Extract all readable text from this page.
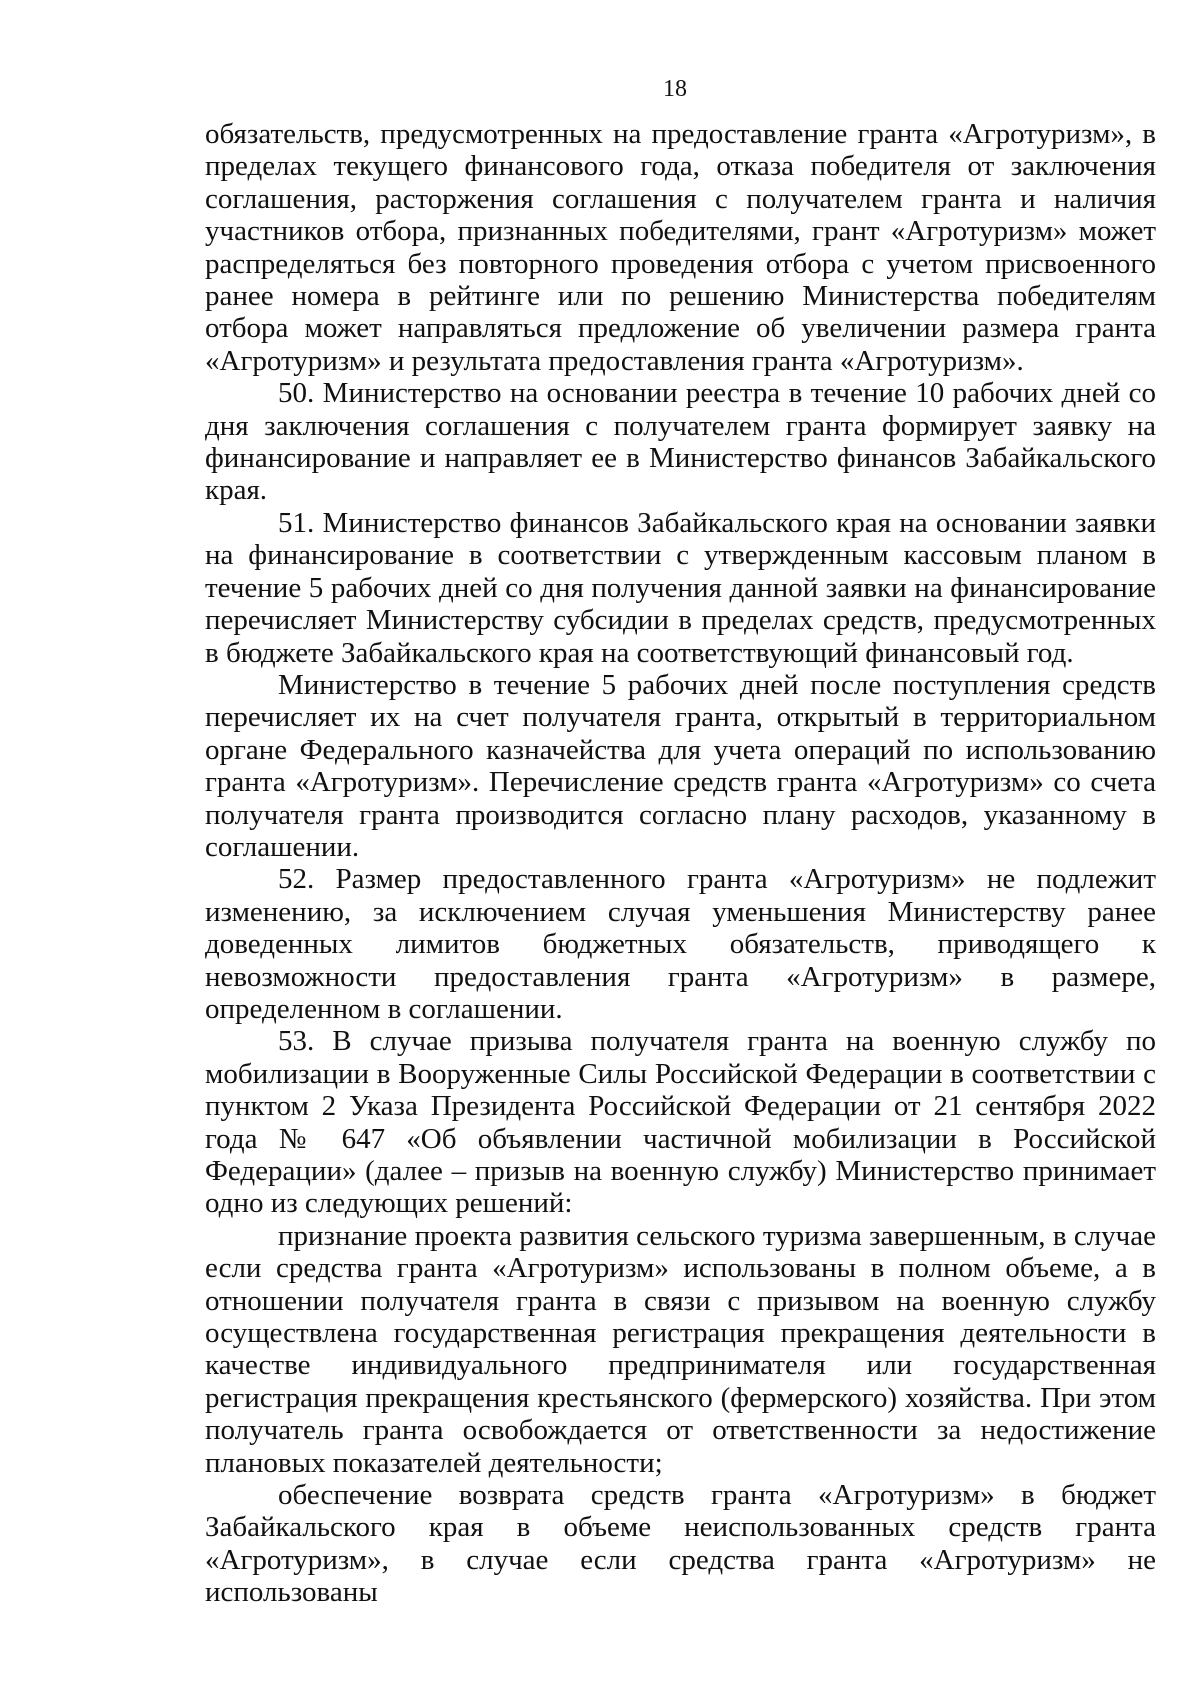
18

обязательств, предусмотренных на предоставление гранта «Агротуризм», в пределах текущего финансового года, отказа победителя от заключения соглашения, расторжения соглашения с получателем гранта и наличия участников отбора, признанных победителями, грант «Агротуризм» может распределяться без повторного проведения отбора с учетом присвоенного ранее номера в рейтинге или по решению Министерства победителям отбора может направляться предложение об увеличении размера гранта «Агротуризм» и результата предоставления гранта «Агротуризм».

50. Министерство на основании реестра в течение 10 рабочих дней со дня заключения соглашения с получателем гранта формирует заявку на финансирование и направляет ее в Министерство финансов Забайкальского края.

51. Министерство финансов Забайкальского края на основании заявки на финансирование в соответствии с утвержденным кассовым планом в течение 5 рабочих дней со дня получения данной заявки на финансирование перечисляет Министерству субсидии в пределах средств, предусмотренных в бюджете Забайкальского края на соответствующий финансовый год.

Министерство в течение 5 рабочих дней после поступления средств перечисляет их на счет получателя гранта, открытый в территориальном органе Федерального казначейства для учета операций по использованию гранта «Агротуризм». Перечисление средств гранта «Агротуризм» со счета получателя гранта производится согласно плану расходов, указанному в соглашении.

52. Размер предоставленного гранта «Агротуризм» не подлежит изменению, за исключением случая уменьшения Министерству ранее доведенных лимитов бюджетных обязательств, приводящего к невозможности предоставления гранта «Агротуризм» в размере, определенном в соглашении.

53. В случае призыва получателя гранта на военную службу по мобилизации в Вооруженные Силы Российской Федерации в соответствии с пунктом 2 Указа Президента Российской Федерации от 21 сентября 2022 года № 647 «Об объявлении частичной мобилизации в Российской Федерации» (далее – призыв на военную службу) Министерство принимает одно из следующих решений:

признание проекта развития сельского туризма завершенным, в случае если средства гранта «Агротуризм» использованы в полном объеме, а в отношении получателя гранта в связи с призывом на военную службу осуществлена государственная регистрация прекращения деятельности в качестве индивидуального предпринимателя или государственная регистрация прекращения крестьянского (фермерского) хозяйства. При этом получатель гранта освобождается от ответственности за недостижение плановых показателей деятельности;

обеспечение возврата средств гранта «Агротуризм» в бюджет Забайкальского края в объеме неиспользованных средств гранта «Агротуризм», в случае если средства гранта «Агротуризм» не использованы
